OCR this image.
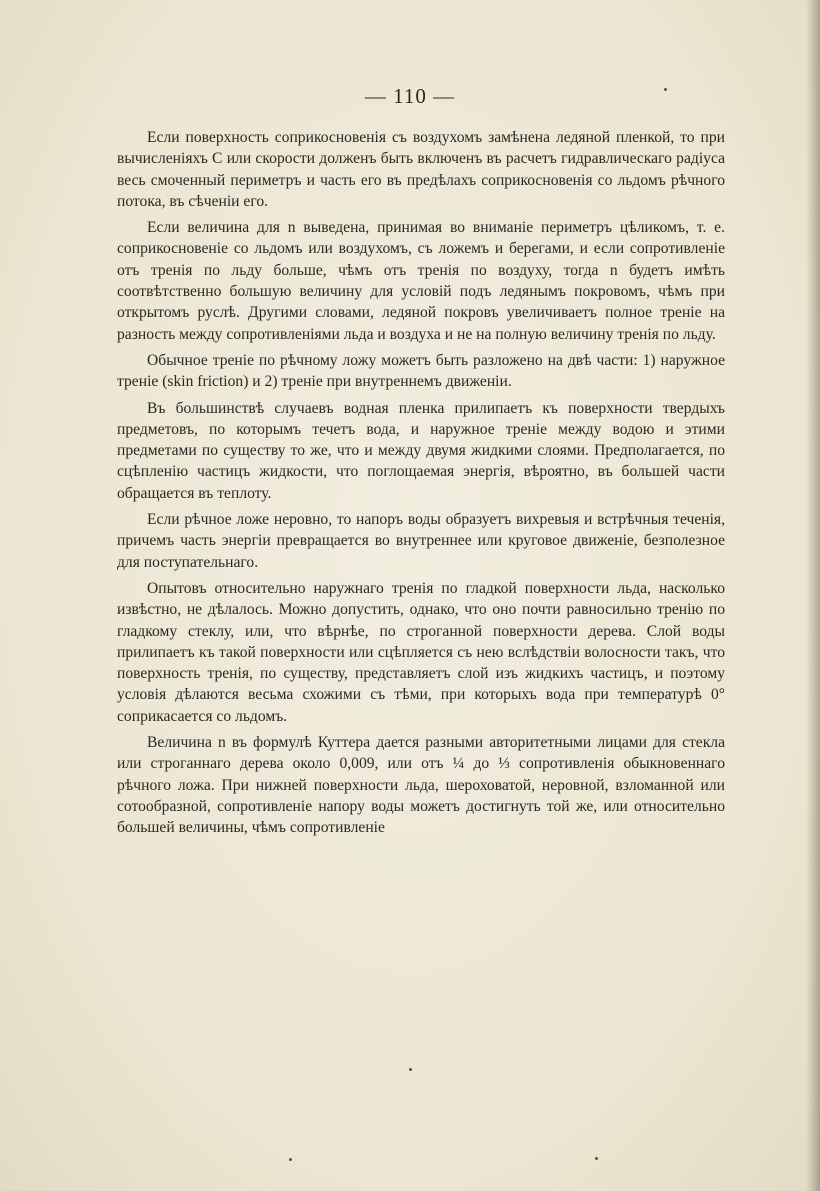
— 110 —

Если поверхность соприкосновенія съ воздухомъ замѣнена ледяной пленкой, то при вычисленіяхъ C или скорости долженъ быть включенъ въ расчетъ гидравлическаго радіуса весь смоченный периметръ и часть его въ предѣлахъ соприкосновенія со льдомъ рѣчного потока, въ сѣченіи его.

Если величина для n выведена, принимая во вниманіе периметръ цѣликомъ, т. е. соприкосновеніе со льдомъ или воздухомъ, съ ложемъ и берегами, и если сопротивленіе отъ тренія по льду больше, чѣмъ отъ тренія по воздуху, тогда n будетъ имѣть соотвѣтственно большую величину для условій подъ ледянымъ покровомъ, чѣмъ при открытомъ руслѣ. Другими словами, ледяной покровъ увеличиваетъ полное треніе на разность между сопротивленіями льда и воздуха и не на полную величину тренія по льду.

Обычное треніе по рѣчному ложу можетъ быть разложено на двѣ части: 1) наружное треніе (skin friction) и 2) треніе при внутреннемъ движеніи.

Въ большинствѣ случаевъ водная пленка прилипаетъ къ поверхности твердыхъ предметовъ, по которымъ течетъ вода, и наружное треніе между водою и этими предметами по существу то же, что и между двумя жидкими слоями. Предполагается, по сцѣпленію частицъ жидкости, что поглощаемая энергія, вѣроятно, въ большей части обращается въ теплоту.

Если рѣчное ложе неровно, то напоръ воды образуетъ вихревыя и встрѣчныя теченія, причемъ часть энергіи превращается во внутреннее или круговое движеніе, безполезное для поступательнаго.

Опытовъ относительно наружнаго тренія по гладкой поверхности льда, насколько извѣстно, не дѣлалось. Можно допустить, однако, что оно почти равносильно тренію по гладкому стеклу, или, что вѣрнѣе, по строганной поверхности дерева. Слой воды прилипаетъ къ такой поверхности или сцѣпляется съ нею вслѣдствіи волосности такъ, что поверхность тренія, по существу, представляетъ слой изъ жидкихъ частицъ, и поэтому условія дѣлаются весьма схожими съ тѣми, при которыхъ вода при температурѣ 0° соприкасается со льдомъ.

Величина n въ формулѣ Куттера дается разными авторитетными лицами для стекла или строганнаго дерева около 0,009, или отъ ¼ до ⅓ сопротивленія обыкновеннаго рѣчного ложа. При нижней поверхности льда, шероховатой, неровной, взломанной или сотообразной, сопротивленіе напору воды можетъ достигнуть той же, или относительно большей величины, чѣмъ сопротивленіе
